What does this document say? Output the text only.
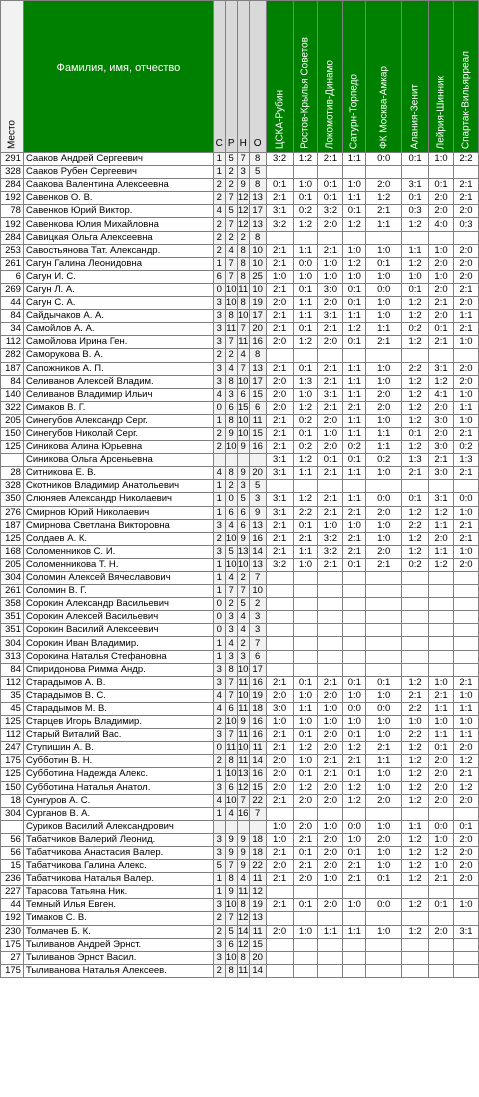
Место	Фамилия, имя, отчество	С	Р	Н	О	ЦСКА-Рубин	Ростов-Крылья Советов	Локомотив-Динамо	Сатурн-Торпедо	ФК Москва-Амкар	Алания-Зенит	Лейрия-Шинник	Спартак-Вильярреал

291	Сааков Андрей Сергеевич	1	5	7	8	3:2	1:2	2:1	1:1	0:0	0:1	1:0	2:2
328	Сааков Рубен Сергеевич	1	2	3	5								
284	Саакова Валентина Алексеевна	2	2	9	8	0:1	1:0	0:1	1:0	2:0	3:1	0:1	2:1
192	Савенков О. В.	2	7	12	13	2:1	0:1	0:1	1:1	1:2	0:1	2:0	2:1
78	Савенков Юрий Виктор.	4	5	12	17	3:1	0:2	3:2	0:1	2:1	0:3	2:0	2:0
192	Савенкова Юлия Михайловна	2	7	12	13	3:2	1:2	2:0	1:2	1:1	1:2	4:0	0:3
284	Савицкая Ольга Алексеевна	2	2	2	8								
253	Савостьянова Тат. Александр.	2	4	8	10	2:1	1:1	2:1	1:0	1:0	1:1	1:0	2:0
261	Сагун Галина Леонидовна	1	7	8	10	2:1	0:0	1:0	1:2	0:1	1:2	2:0	2:0
6	Сагун И. С.	6	7	8	25	1:0	1:0	1:0	1:0	1:0	1:0	1:0	2:0
269	Сагун Л. А.	0	10	11	10	2:1	0:1	3:0	0:1	0:0	0:1	2:0	2:1
44	Сагун С. А.	3	10	8	19	2:0	1:1	2:0	0:1	1:0	1:2	2:1	2:0
84	Сайдычаков А. А.	3	8	10	17	2:1	1:1	3:1	1:1	1:0	1:2	2:0	1:1
34	Самойлов А. А.	3	11	7	20	2:1	0:1	2:1	1:2	1:1	0:2	0:1	2:1
112	Самойлова Ирина Ген.	3	7	11	16	2:0	1:2	2:0	0:1	2:1	1:2	2:1	1:0
282	Саморукова В. А.	2	2	4	8								
187	Сапожников А. П.	3	4	7	13	2:1	0:1	2:1	1:1	1:0	2:2	3:1	2:0
84	Селиванов Алексей Владим.	3	8	10	17	2:0	1:3	2:1	1:1	1:0	1:2	1:2	2:0
140	Селиванов Владимир Ильич	4	3	6	15	2:0	1:0	3:1	1:1	2:0	1:2	4:1	1:0
322	Симаков В. Г.	0	6	15	6	2:0	1:2	2:1	2:1	2:0	1:2	2:0	1:1
205	Синегубов Александр Серг.	1	8	10	11	2:1	0:2	2:0	1:1	1:0	1:2	3:0	1:0
150	Синегубов Николай Серг.	2	9	10	15	2:1	0:1	1:0	1:1	1:1	0:1	2:0	2:1
125	Синикова Алина Юрьевна	2	10	9	16	2:1	0:2	2:0	0:2	1:1	1:2	3:0	0:2
	Синикова Ольга Арсеньевна					3:1	1:2	0:1	0:1	0:2	1:3	2:1	1:3
28	Ситникова Е. В.	4	8	9	20	3:1	1:1	2:1	1:1	1:0	2:1	3:0	2:1
328	Скотников Владимир Анатольевич	1	2	3	5								
350	Слюняев Александр Николаевич	1	0	5	3	3:1	1:2	2:1	1:1	0:0	0:1	3:1	0:0
276	Смирнов Юрий Николаевич	1	6	6	9	3:1	2:2	2:1	2:1	2:0	1:2	1:2	1:0
187	Смирнова Светлана Викторовна	3	4	6	13	2:1	0:1	1:0	1:0	1:0	2:2	1:1	2:1
125	Солдаев А. К.	2	10	9	16	2:1	2:1	3:2	2:1	1:0	1:2	2:0	2:1
168	Соломенников С. И.	3	5	13	14	2:1	1:1	3:2	2:1	2:0	1:2	1:1	1:0
205	Соломенникова Т. Н.	1	10	10	13	3:2	1:0	2:1	0:1	2:1	0:2	1:2	2:0
304	Соломин Алексей Вячеславович	1	4	2	7								
261	Соломин В. Г.	1	7	7	10								
358	Сорокин Александр Васильевич	0	2	5	2								
351	Сорокин Алексей Васильевич	0	3	4	3								
351	Сорокин Василий Алексеевич	0	3	4	3								
304	Сорокин Иван Владимир.	1	4	2	7								
313	Сорокина Наталья Стефановна	1	3	3	6								
84	Спиридонова Римма Андр.	3	8	10	17								
112	Старадымов А. В.	3	7	11	16	2:1	0:1	2:1	0:1	0:1	1:2	1:0	2:1
35	Старадымов В. С.	4	7	10	19	2:0	1:0	2:0	1:0	1:0	2:1	2:1	1:0
45	Старадымов М. В.	4	6	11	18	3:0	1:1	1:0	0:0	0:0	2:2	1:1	1:1
125	Старцев Игорь Владимир.	2	10	9	16	1:0	1:0	1:0	1:0	1:0	1:0	1:0	1:0
112	Старый Виталий Вас.	3	7	11	16	2:1	0:1	2:0	0:1	1:0	2:2	1:1	1:1
247	Ступишин А. В.	0	11	10	11	2:1	1:2	2:0	1:2	2:1	1:2	0:1	2:0
175	Субботин В. Н.	2	8	11	14	2:0	1:0	2:1	2:1	1:1	1:2	2:0	1:2
125	Субботина Надежда Алекс.	1	10	13	16	2:0	0:1	2:1	0:1	1:0	1:2	2:0	2:1
150	Субботина Наталья Анатол.	3	6	12	15	2:0	1:2	2:0	1:2	1:0	1:2	2:0	1:2
18	Сунгуров А. С.	4	10	7	22	2:1	2:0	2:0	1:2	2:0	1:2	2:0	2:0
304	Сурганов В. А.	1	4	16	7								
	Суриков Василий Александрович					1:0	2:0	1:0	0:0	1:0	1:1	0:0	0:1
56	Табатчиков Валерий Леонид.	3	9	9	18	1:0	2:1	2:0	1:0	2:0	1:2	1:0	2:0
56	Табатчикова Анастасия Валер.	3	9	9	18	2:1	0:1	2:0	0:1	1:0	1:2	1:2	2:0
15	Табатчикова Галина Алекс.	5	7	9	22	2:0	2:1	2:0	2:1	1:0	1:2	1:0	2:0
236	Табатчикова Наталья Валер.	1	8	4	11	2:1	2:0	1:0	2:1	0:1	1:2	2:1	2:0
227	Тарасова Татьяна Ник.	1	9	11	12								
44	Темный Илья Евген.	3	10	8	19	2:1	0:1	2:0	1:0	0:0	1:2	0:1	1:0
192	Тимаков С. В.	2	7	12	13								
230	Толмачев Б. К.	2	5	14	11	2:0	1:0	1:1	1:1	1:0	1:2	2:0	3:1
175	Тыливанов Андрей Эрнст.	3	6	12	15								
27	Тыливанов Эрнст Васил.	3	10	8	20								
175	Тыливанова Наталья Алексеев.	2	8	11	14								
